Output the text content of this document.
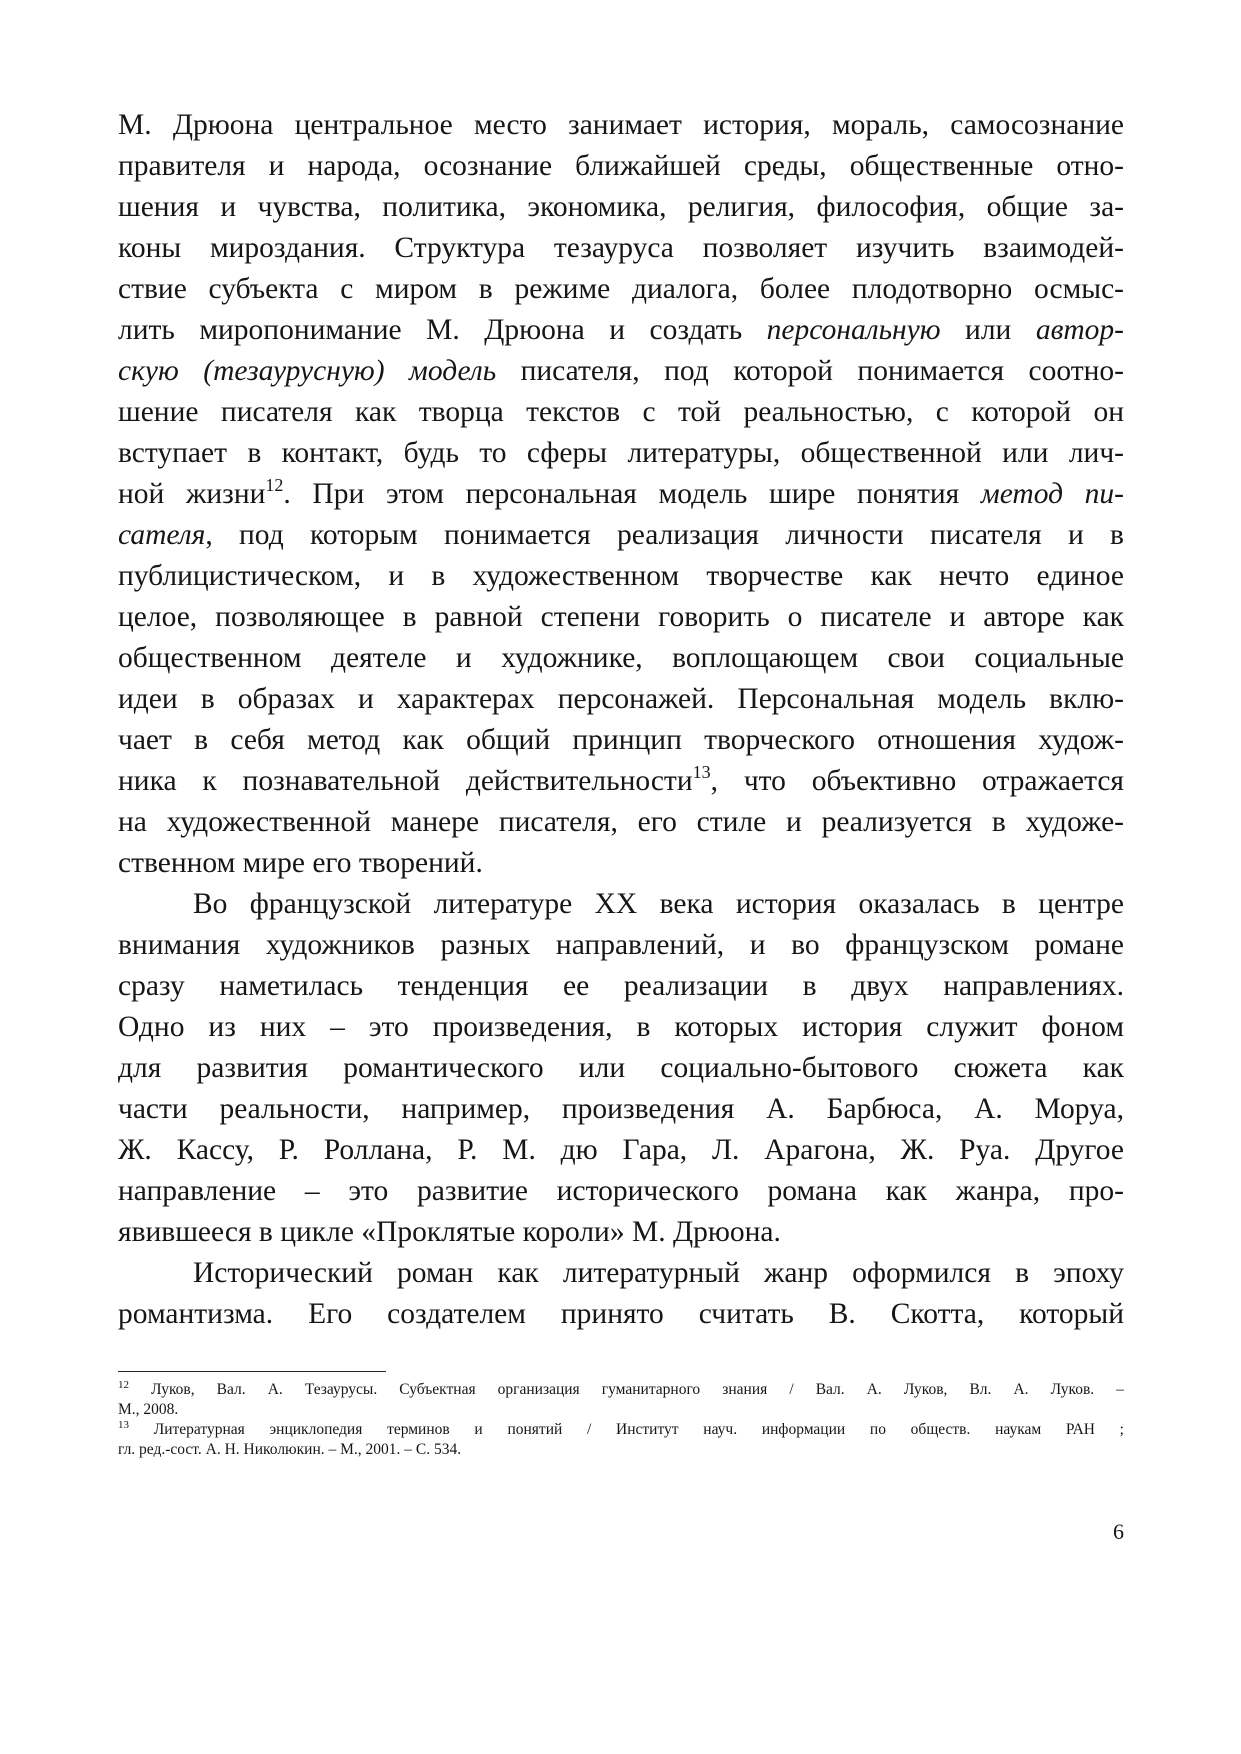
М. Дрюона центральное место занимает история, мораль, самосознание
правителя и народа, осознание ближайшей среды, общественные отно-
шения и чувства, политика, экономика, религия, философия, общие за-
коны мироздания. Структура тезауруса позволяет изучить взаимодей-
ствие субъекта с миром в режиме диалога, более плодотворно осмыс-
лить миропонимание М. Дрюона и создать персональную или автор-
скую (тезаурусную) модель писателя, под которой понимается соотно-
шение писателя как творца текстов с той реальностью, с которой он
вступает в контакт, будь то сферы литературы, общественной или лич-
ной жизни$^{12}$. При этом персональная модель шире понятия метод пи-
сателя, под которым понимается реализация личности писателя и в
публицистическом, и в художественном творчестве как нечто единое
целое, позволяющее в равной степени говорить о писателе и авторе как
общественном деятеле и художнике, воплощающем свои социальные
идеи в образах и характерах персонажей. Персональная модель вклю-
чает в себя метод как общий принцип творческого отношения худож-
ника к познавательной действительности$^{13}$, что объективно отражается
на художественной манере писателя, его стиле и реализуется в художе-
ственном мире его творений.
Во французской литературе XX века история оказалась в центре
внимания художников разных направлений, и во французском романе
сразу наметилась тенденция ее реализации в двух направлениях.
Одно из них – это произведения, в которых история служит фоном
для развития романтического или социально-бытового сюжета как
части реальности, например, произведения А. Барбюса, А. Моруа,
Ж. Кассу, Р. Роллана, Р. М. дю Гара, Л. Арагона, Ж. Руа. Другое
направление – это развитие исторического романа как жанра, про-
явившееся в цикле «Проклятые короли» М. Дрюона.
Исторический роман как литературный жанр оформился в эпоху
романтизма. Его создателем принято считать В. Скотта, который
$^{12}$ Луков, Вал. А. Тезаурусы. Субъектная организация гуманитарного знания / Вал. А. Луков, Вл. А. Луков. –
М., 2008.
$^{13}$ Литературная энциклопедия терминов и понятий / Институт науч. информации по обществ. наукам РАН ;
гл. ред.-сост. А. Н. Николюкин. – М., 2001. – С. 534.
6
